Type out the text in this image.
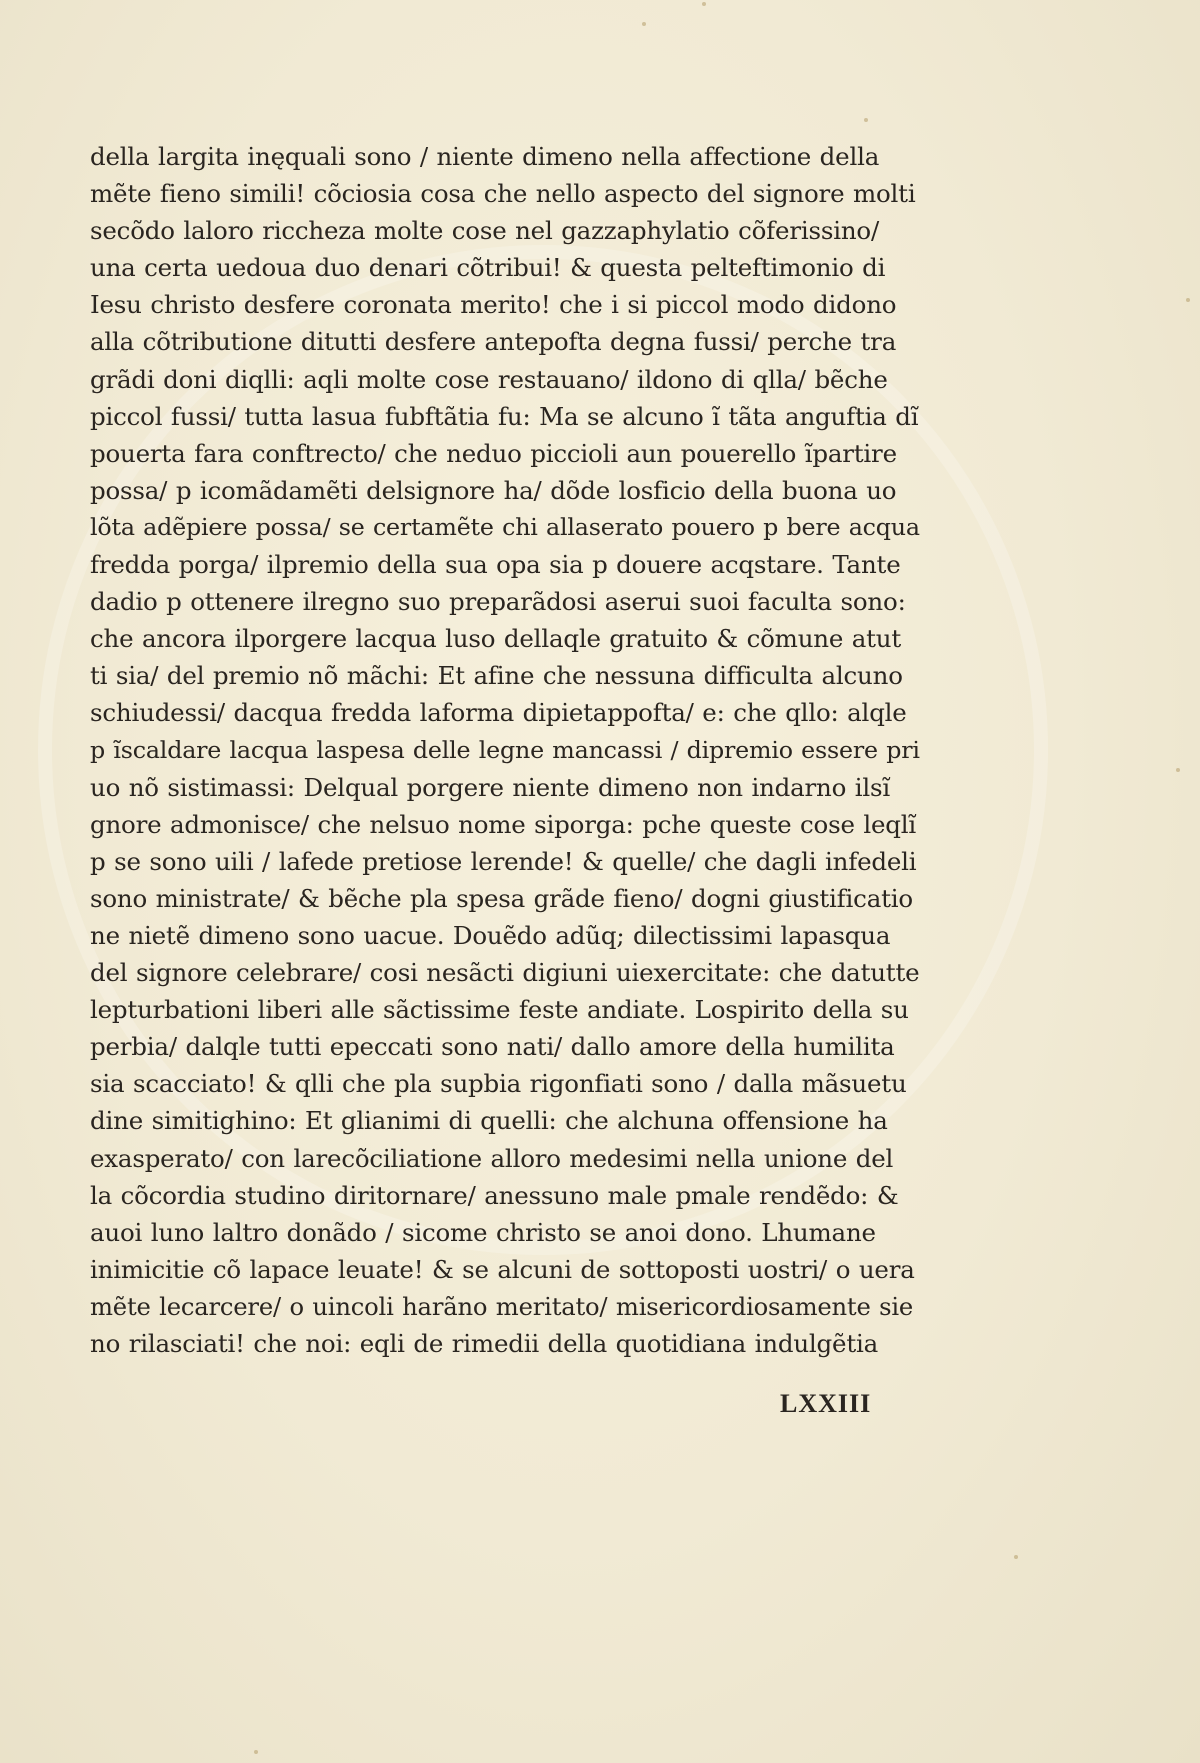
della largita inęquali sono / niente dimeno nella affectione della
mẽte fieno simili! cõciosia cosa che nello aspecto del signore molti
secõdo laloro riccheza molte cose nel gazzaphylatio cõferissino/
una certa uedoua duo denari cõtribui! & questa pelteftimonio di
Iesu christo desfere coronata merito! che i si piccol modo didono
alla cõtributione ditutti desfere antepofta degna fussi/ perche tra
grãdi doni diqlli: aqli molte cose restauano/ ildono di qlla/ bẽche
piccol fussi/ tutta lasua fubftãtia fu: Ma se alcuno ĩ tãta anguftia dĩ
pouerta fara conftrecto/ che neduo piccioli aun pouerello ĩpartire
possa/ p icomãdamẽti delsignore ha/ dõde losficio della buona uo
lõta adẽpiere possa/ se certamẽte chi allaserato pouero p bere acqua
fredda porga/ ilpremio della sua opa sia p douere acqstare. Tante
dadio p ottenere ilregno suo preparãdosi aserui suoi faculta sono:
che ancora ilporgere lacqua luso dellaqle gratuito & cõmune atut
ti sia/ del premio nõ mãchi: Et afine che nessuna difficulta alcuno
schiudessi/ dacqua fredda laforma dipietappofta/ e: che qllo: alqle
p ĩscaldare lacqua laspesa delle legne mancassi / dipremio essere pri
uo nõ sistimassi: Delqual porgere niente dimeno non indarno ilsĩ
gnore admonisce/ che nelsuo nome siporga: pche queste cose leqlĩ
p se sono uili / lafede pretiose lerende! & quelle/ che dagli infedeli
sono ministrate/ & bẽche pla spesa grãde fieno/ dogni giustificatio
ne nietẽ dimeno sono uacue. Douẽdo adũq; dilectissimi lapasqua
del signore celebrare/ cosi nesãcti digiuni uiexercitate: che datutte
lepturbationi liberi alle sãctissime feste andiate. Lospirito della su
perbia/ dalqle tutti epeccati sono nati/ dallo amore della humilita
sia scacciato! & qlli che pla supbia rigonfiati sono / dalla mãsuetu
dine simitighino: Et glianimi di quelli: che alchuna offensione ha
exasperato/ con larecõciliatione alloro medesimi nella unione del
la cõcordia studino diritornare/ anessuno male pmale rendẽdo: &
auoi luno laltro donãdo / sicome christo se anoi dono. Lhumane
inimicitie cõ lapace leuate! & se alcuni de sottoposti uostri/ o uera
mẽte lecarcere/ o uincoli harãno meritato/ misericordiosamente sie
no rilasciati! che noi: eqli de rimedii della quotidiana indulgẽtia
LXXIII
